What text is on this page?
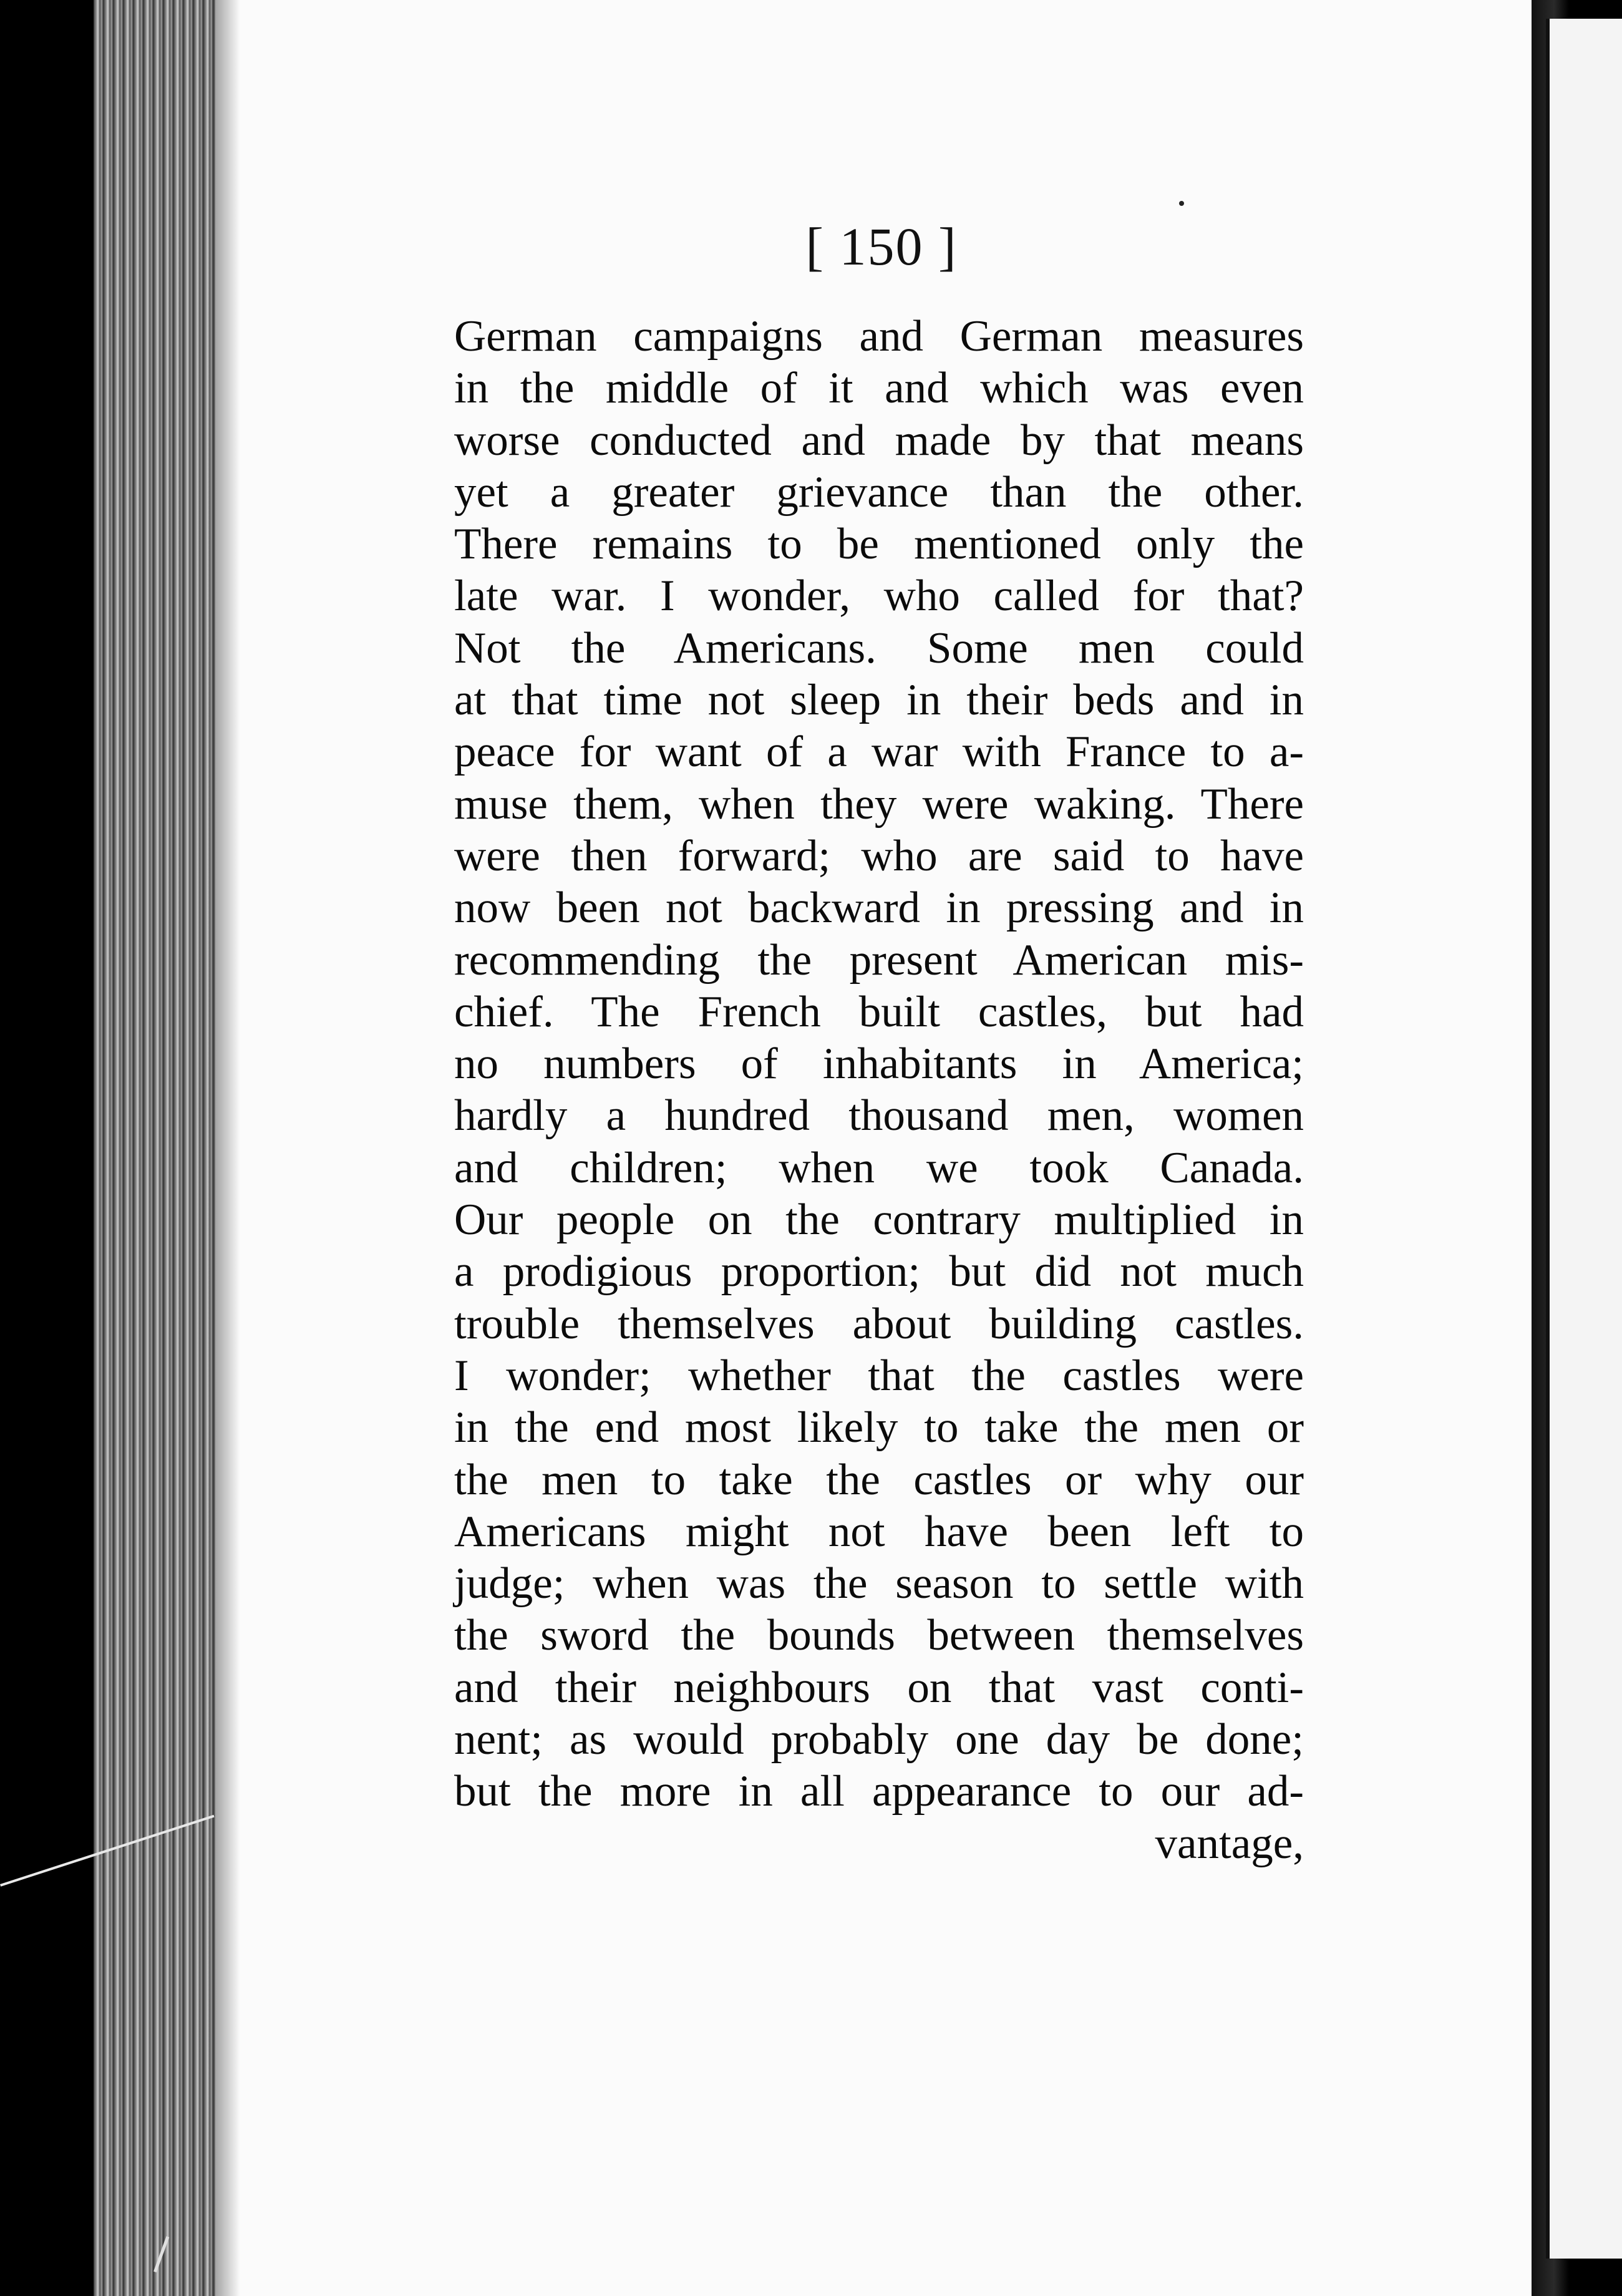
[ 150 ]
German campaigns and German measures
in the middle of it and which was even
worse conducted and made by that means
yet a greater grievance than the other.
There remains to be mentioned only the
late war. I wonder, who called for that?
Not the Americans. Some men could
at that time not sleep in their beds and in
peace for want of a war with France to a-
muse them, when they were waking. There
were then forward; who are said to have
now been not backward in pressing and in
recommending the present American mis-
chief. The French built castles, but had
no numbers of inhabitants in America;
hardly a hundred thousand men, women
and children; when we took Canada.
Our people on the contrary multiplied in
a prodigious proportion; but did not much
trouble themselves about building castles.
I wonder; whether that the castles were
in the end most likely to take the men or
the men to take the castles or why our
Americans might not have been left to
judge; when was the season to settle with
the sword the bounds between themselves
and their neighbours on that vast conti-
nent; as would probably one day be done;
but the more in all appearance to our ad-
vantage,
